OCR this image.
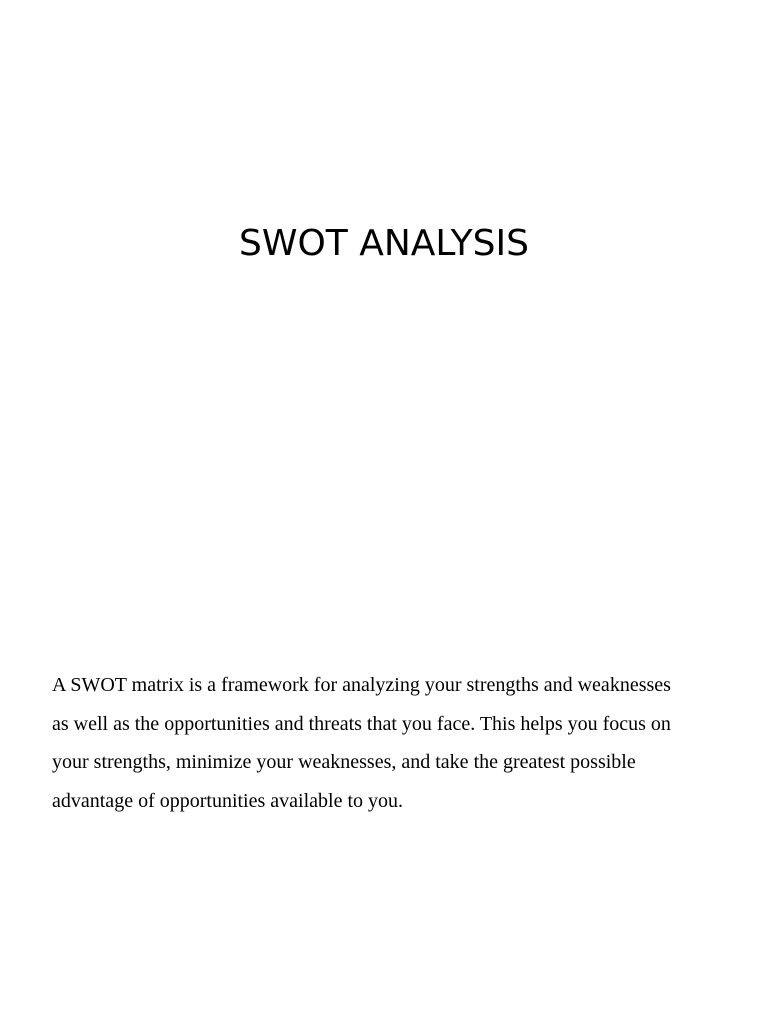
SWOT ANALYSIS

A SWOT matrix is a framework for analyzing your strengths and weaknesses
as well as the opportunities and threats that you face. This helps you focus on
your strengths, minimize your weaknesses, and take the greatest possible
advantage of opportunities available to you.
